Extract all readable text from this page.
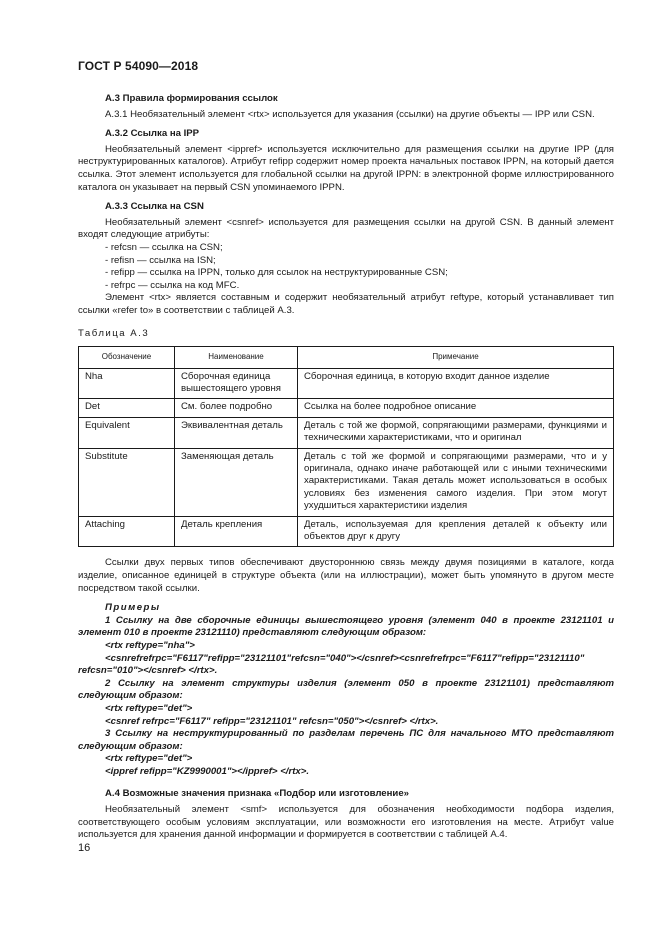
ГОСТ Р 54090—2018
А.3 Правила формирования ссылок

А.3.1 Необязательный элемент <rtx> используется для указания (ссылки) на другие объекты — IPP или CSN.

А.3.2 Ссылка на IPP

Необязательный элемент <ippref> используется исключительно для размещения ссылки на другие IPP (для неструктурированных каталогов). Атрибут refipp содержит номер проекта начальных поставок IPPN, на который дается ссылка. Этот элемент используется для глобальной ссылки на другой IPPN: в электронной форме иллюстрированного каталога он указывает на первый CSN упоминаемого IPPN.

А.3.3 Ссылка на CSN

Необязательный элемент <csnref> используется для размещения ссылки на другой CSN. В данный элемент входят следующие атрибуты:

- refcsn — ссылка на CSN;
- refisn — ссылка на ISN;
- refipp — ссылка на IPPN, только для ссылок на неструктурированные CSN;
- refrpc — ссылка на код MFC.

Элемент <rtx> является составным и содержит необязательный атрибут reftype, который устанавливает тип ссылки «refer to» в соответствии с таблицей А.3.

Таблица А.3
Обозначение	Наименование	Примечание
Nha	Сборочная единица вышестоящего уровня	Сборочная единица, в которую входит данное изделие
Det	См. более подробно	Ссылка на более подробное описание
Equivalent	Эквивалентная деталь	Деталь с той же формой, сопрягающими размерами, функциями и техническими характеристиками, что и оригинал
Substitute	Заменяющая деталь	Деталь с той же формой и сопрягающими размерами, что и у оригинала, однако иначе работающей или с иными техническими характеристиками. Такая деталь может использоваться в особых условиях без изменения самого изделия. При этом могут ухудшиться характеристики изделия
Attaching	Деталь крепления	Деталь, используемая для крепления деталей к объекту или объектов друг к другу

Ссылки двух первых типов обеспечивают двустороннюю связь между двумя позициями в каталоге, когда изделие, описанное единицей в структуре объекта (или на иллюстрации), может быть упомянуто в другом месте посредством такой ссылки.

Примеры

1 Ссылку на две сборочные единицы вышестоящего уровня (элемент 040 в проекте 23121101 и элемент 010 в проекте 23121110) представляют следующим образом:

<rtx reftype="nha">

<csnrefrefrpc="F6117"refipp="23121101"refcsn="040"></csnref><csnrefrefrpc="F6117"refipp="23121110" refcsn="010"></csnref> </rtx>.

2 Ссылку на элемент структуры изделия (элемент 050 в проекте 23121101) представляют следующим образом:

<rtx reftype="det">
<csnref refrpc="F6117" refipp="23121101" refcsn="050"></csnref> </rtx>.

3 Ссылку на неструктурированный по разделам перечень ПС для начального МТО представляют следующим образом:

<rtx reftype="det">
<ippref refipp="KZ9990001"></ippref> </rtx>.
А.4 Возможные значения признака «Подбор или изготовление»

Необязательный элемент <smf> используется для обозначения необходимости подбора изделия, соответствующего особым условиям эксплуатации, или возможности его изготовления на месте. Атрибут value используется для хранения данной информации и формируется в соответствии с таблицей А.4.

16
